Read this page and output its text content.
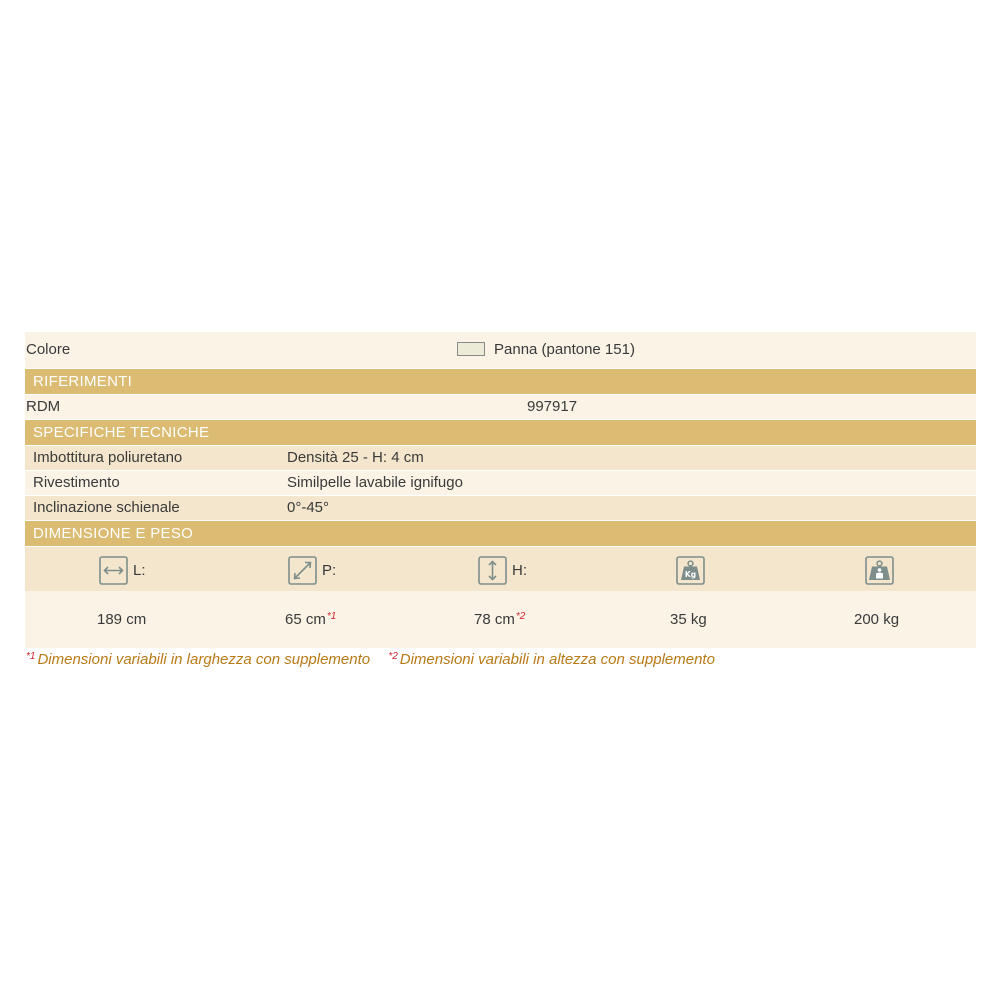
Colore	Panna (pantone 151)
RIFERIMENTI
RDM	997917
SPECIFICHE TECNICHE
Imbottitura poliuretano	Densità 25 - H: 4 cm
Rivestimento	Similpelle lavabile ignifugo
Inclinazione schienale	0°-45°
DIMENSIONE E PESO
L:	P:	H:	Kg
189 cm	65 $cm^{*1}$	78 $cm^{*2}$	35 kg	200 kg
$^{*1}$ Dimensioni variabili in larghezza con supplemento $^{*2}$ Dimensioni variabili in altezza con supplemento
